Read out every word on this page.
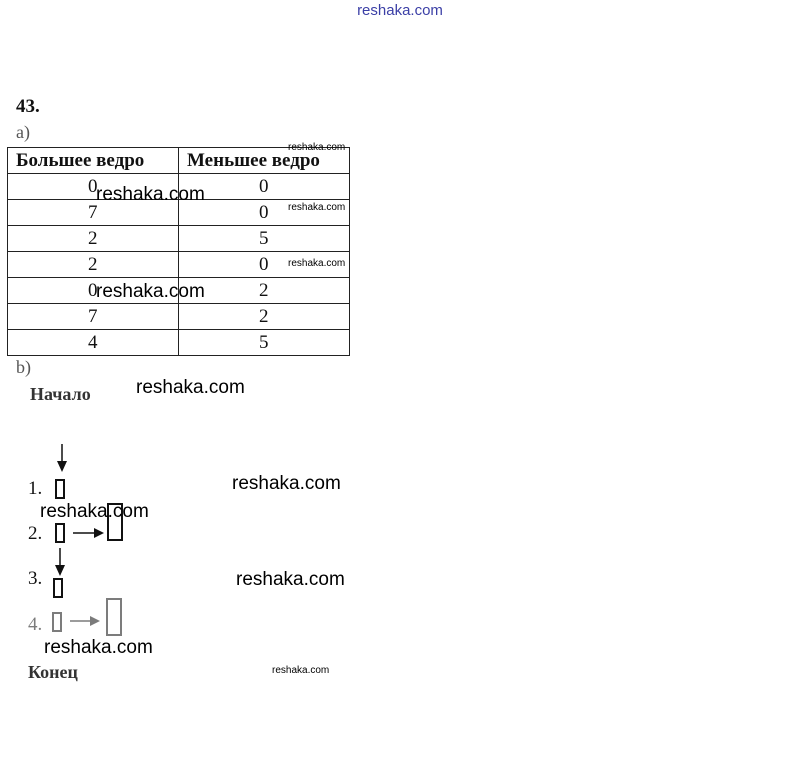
reshaka.com
43.
a)
Большее ведро	Меньшее ведро
0	0
7	0
2	5
2	0
0	2
7	2
4	5
b)
Начало
1.
2.
3.
4.
Конец
reshaka.com
reshaka.com
reshaka.com
reshaka.com
reshaka.com
reshaka.com
reshaka.com
reshaka.com
reshaka.com
reshaka.com
reshaka.com
